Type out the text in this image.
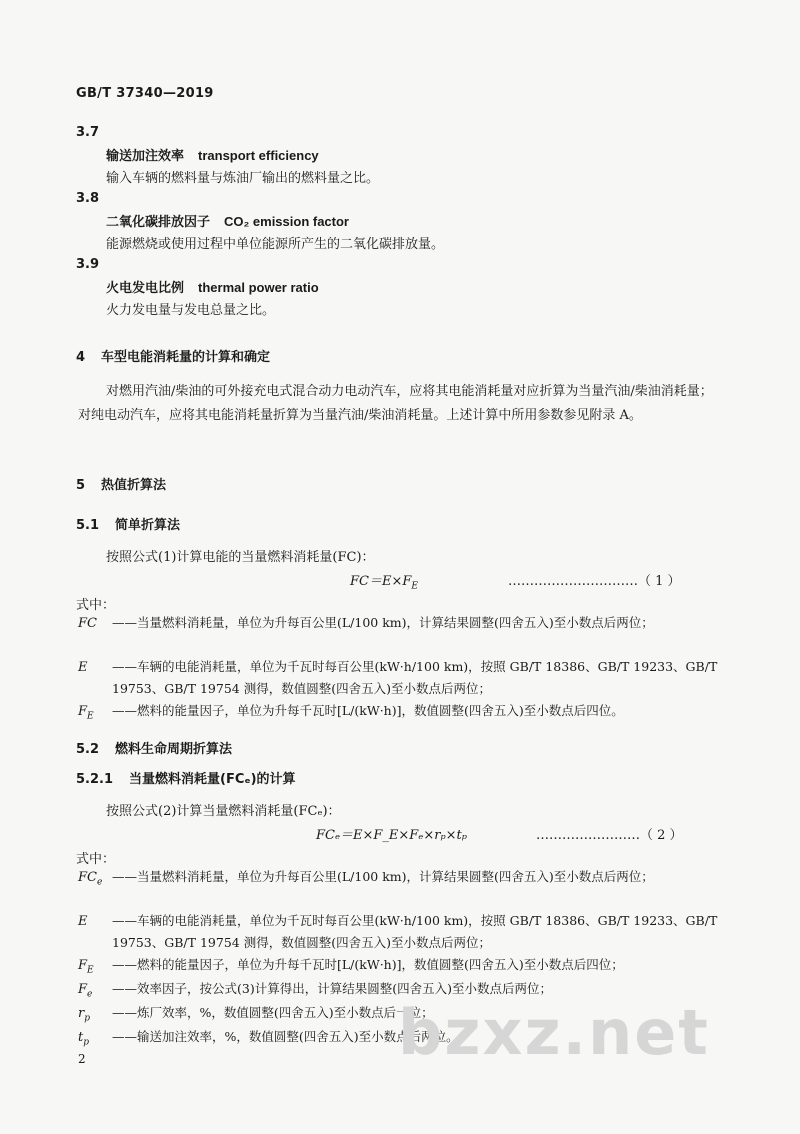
GB/T 37340—2019
3.7
输送加注效率 transport efficiency
输入车辆的燃料量与炼油厂输出的燃料量之比。
3.8
二氧化碳排放因子 CO₂ emission factor
能源燃烧或使用过程中单位能源所产生的二氧化碳排放量。
3.9
火电发电比例 thermal power ratio
火力发电量与发电总量之比。
4 车型电能消耗量的计算和确定
对燃用汽油/柴油的可外接充电式混合动力电动汽车，应将其电能消耗量对应折算为当量汽油/柴油消耗量；对纯电动汽车，应将其电能消耗量折算为当量汽油/柴油消耗量。上述计算中所用参数参见附录 A。
5 热值折算法
5.1 简单折算法
按照公式(1)计算电能的当量燃料消耗量(FC)：
$FC=E\times F_E$	…………………………（ 1 ）
式中：
FC ——当量燃料消耗量，单位为升每百公里(L/100 km)，计算结果圆整(四舍五入)至小数点后两位；
E ——车辆的电能消耗量，单位为千瓦时每百公里(kW·h/100 km)，按照 GB/T 18386、GB/T 19233、GB/T 19753、GB/T 19754 测得，数值圆整(四舍五入)至小数点后两位；
$F_E$ ——燃料的能量因子，单位为升每千瓦时[L/(kW·h)]，数值圆整(四舍五入)至小数点后四位。
5.2 燃料生命周期折算法
5.2.1 当量燃料消耗量(FCₑ)的计算
按照公式(2)计算当量燃料消耗量(FCₑ)：
FCₑ＝E×F_E×Fₑ×rₚ×tₚ	……………………（ 2 ）
式中：
$FC_e$ ——当量燃料消耗量，单位为升每百公里(L/100 km)，计算结果圆整(四舍五入)至小数点后两位；
E ——车辆的电能消耗量，单位为千瓦时每百公里(kW·h/100 km)，按照 GB/T 18386、GB/T 19233、GB/T 19753、GB/T 19754 测得，数值圆整(四舍五入)至小数点后两位；
$F_E$ ——燃料的能量因子，单位为升每千瓦时[L/(kW·h)]，数值圆整(四舍五入)至小数点后四位；
$F_e$ ——效率因子，按公式(3)计算得出，计算结果圆整(四舍五入)至小数点后两位；
$r_p$ ——炼厂效率，%，数值圆整(四舍五入)至小数点后一位；
$t_p$ ——输送加注效率，%，数值圆整(四舍五入)至小数点后两位。
bzxz.net
2
